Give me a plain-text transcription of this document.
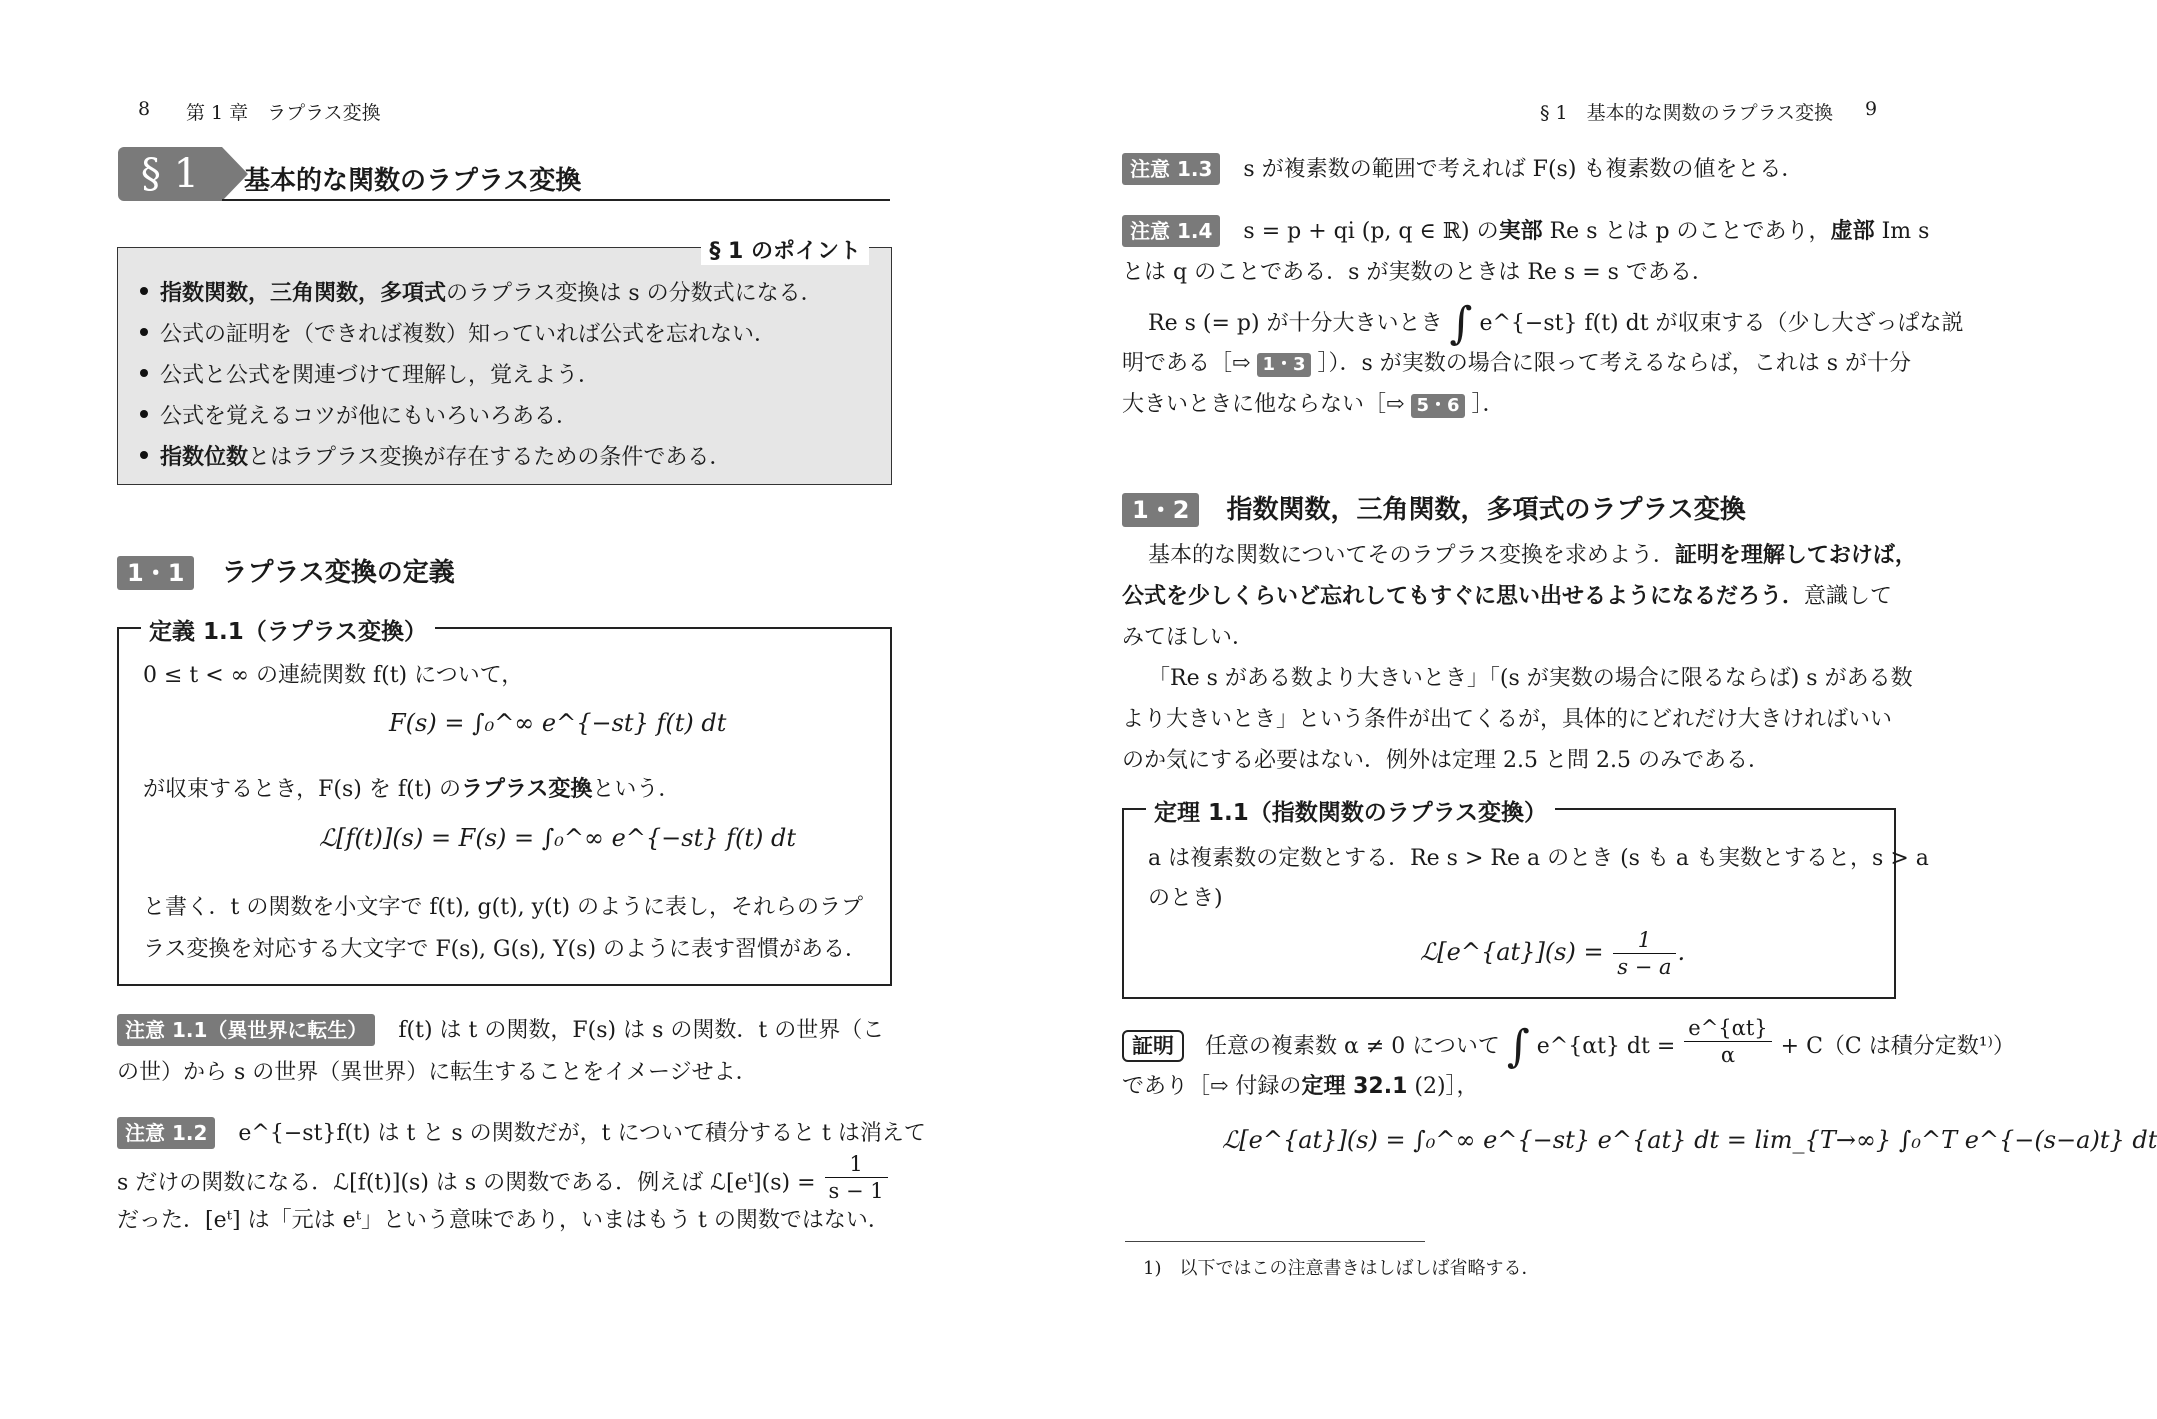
8 第 1 章　ラプラス変換
§ 1	基本的な関数のラプラス変換
§ 1 のポイント
指数関数，三角関数，多項式のラプラス変換は s の分数式になる．
公式の証明を（できれば複数）知っていれば公式を忘れない．
公式と公式を関連づけて理解し，覚えよう．
公式を覚えるコツが他にもいろいろある．
指数位数とはラプラス変換が存在するための条件である．
1・1 ラプラス変換の定義
定義 1.1（ラプラス変換）
0 ≤ t < ∞ の連続関数 f(t) について，
F(s) = ∫₀^∞ e^{−st} f(t) dt
が収束するとき，F(s) を f(t) のラプラス変換という．
ℒ[f(t)](s) = F(s) = ∫₀^∞ e^{−st} f(t) dt
と書く．t の関数を小文字で f(t), g(t), y(t) のように表し，それらのラプ
ラス変換を対応する大文字で F(s), G(s), Y(s) のように表す習慣がある．
注意 1.1（異世界に転生） f(t) は t の関数，F(s) は s の関数．t の世界（こ
の世）から s の世界（異世界）に転生することをイメージせよ．
注意 1.2 e^{−st}f(t) は t と s の関数だが，t について積分すると t は消えて
s だけの関数になる．ℒ[f(t)](s) は s の関数である．例えば ℒ[eᵗ](s) = $\frac{1}{s - 1}$
だった．[eᵗ] は「元は eᵗ」という意味であり，いまはもう t の関数ではない．
§ 1　基本的な関数のラプラス変換 9
注意 1.3 s が複素数の範囲で考えれば F(s) も複素数の値をとる．
注意 1.4 s = p + qi (p, q ∈ ℝ) の実部 Re s とは p のことであり，虚部 Im s
とは q のことである．s が実数のときは Re s = s である．
Re s (= p) が十分大きいとき ∫ e^{−st} f(t) dt が収束する（少し大ざっぱな説
明である［⇨ 1・3 ］）．s が実数の場合に限って考えるならば，これは s が十分
大きいときに他ならない［⇨ 5・6 ］．
1・2 指数関数，三角関数，多項式のラプラス変換
基本的な関数についてそのラプラス変換を求めよう．証明を理解しておけば，
公式を少しくらいど忘れしてもすぐに思い出せるようになるだろう．意識して
みてほしい．
「Re s がある数より大きいとき」「(s が実数の場合に限るならば) s がある数
より大きいとき」という条件が出てくるが，具体的にどれだけ大きければいい
のか気にする必要はない．例外は定理 2.5 と問 2.5 のみである．
定理 1.1（指数関数のラプラス変換）
a は複素数の定数とする．Re s > Re a のとき (s も a も実数とすると，s > a
のとき)
ℒ[e^{at}](s) = $\frac{1}{s - a}$ .
証明 任意の複素数 α ≠ 0 について ∫ e^{αt} dt = $\frac{e\^{}\{\alpha t\}}{\alpha} + C(C$ は積分定数¹⁾）
であり［⇨ 付録の定理 32.1 (2)］，
ℒ[e^{at}](s) = ∫₀^∞ e^{−st} e^{at} dt = lim_{T→∞} ∫₀^T e^{−(s−a)t} dt
1)　以下ではこの注意書きはしばしば省略する．
